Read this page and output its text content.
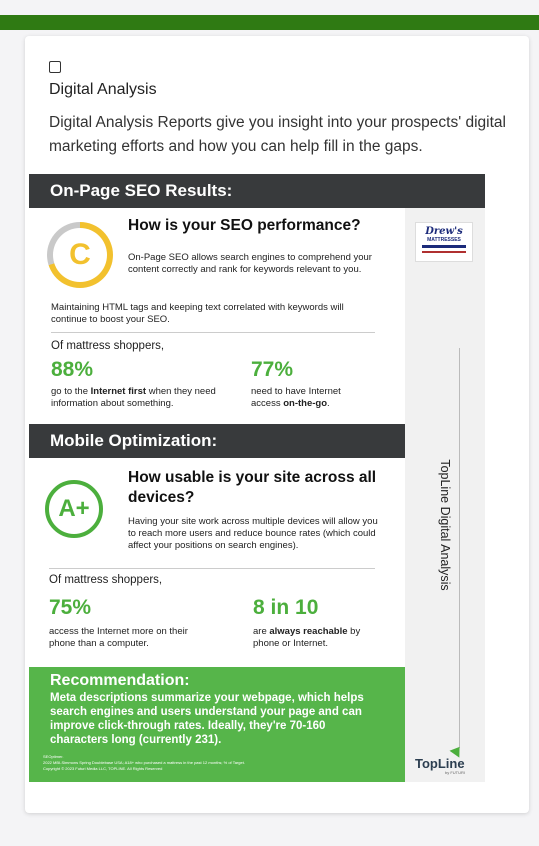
Digital Analysis
Digital Analysis Reports give you insight into your prospects' digital marketing efforts and how you can help fill in the gaps.
On-Page SEO Results:
Drew's
MATTRESSES
TopLine Digital Analysis
TopLine
by FUTURI
C
How is your SEO performance?
On-Page SEO allows search engines to comprehend your content correctly and rank for keywords relevant to you.
Maintaining HTML tags and keeping text correlated with keywords will continue to boost your SEO.
Of mattress shoppers,
88%
go to the Internet first when they need information about something.
77%
need to have Internet access on-the-go.
Mobile Optimization:
A+
How usable is your site across all devices?
Having your site work across multiple devices will allow you to reach more users and reduce bounce rates (which could affect your positions on search engines).
Of mattress shoppers,
75%
access the Internet more on their phone than a computer.
8 in 10
are always reachable by phone or Internet.
Recommendation:
Meta descriptions summarize your webpage, which helps search engines and users understand your page and can improve click-through rates. Ideally, they're 70-160 characters long (currently 231).
SEOptimer.
2022 MBI-Simmons Spring Doublebase USA; A18+ who purchased a mattress in the past 12 months; % of Target.
Copyright © 2023 Futuri Media LLC, TOPLINE. All Rights Reserved
